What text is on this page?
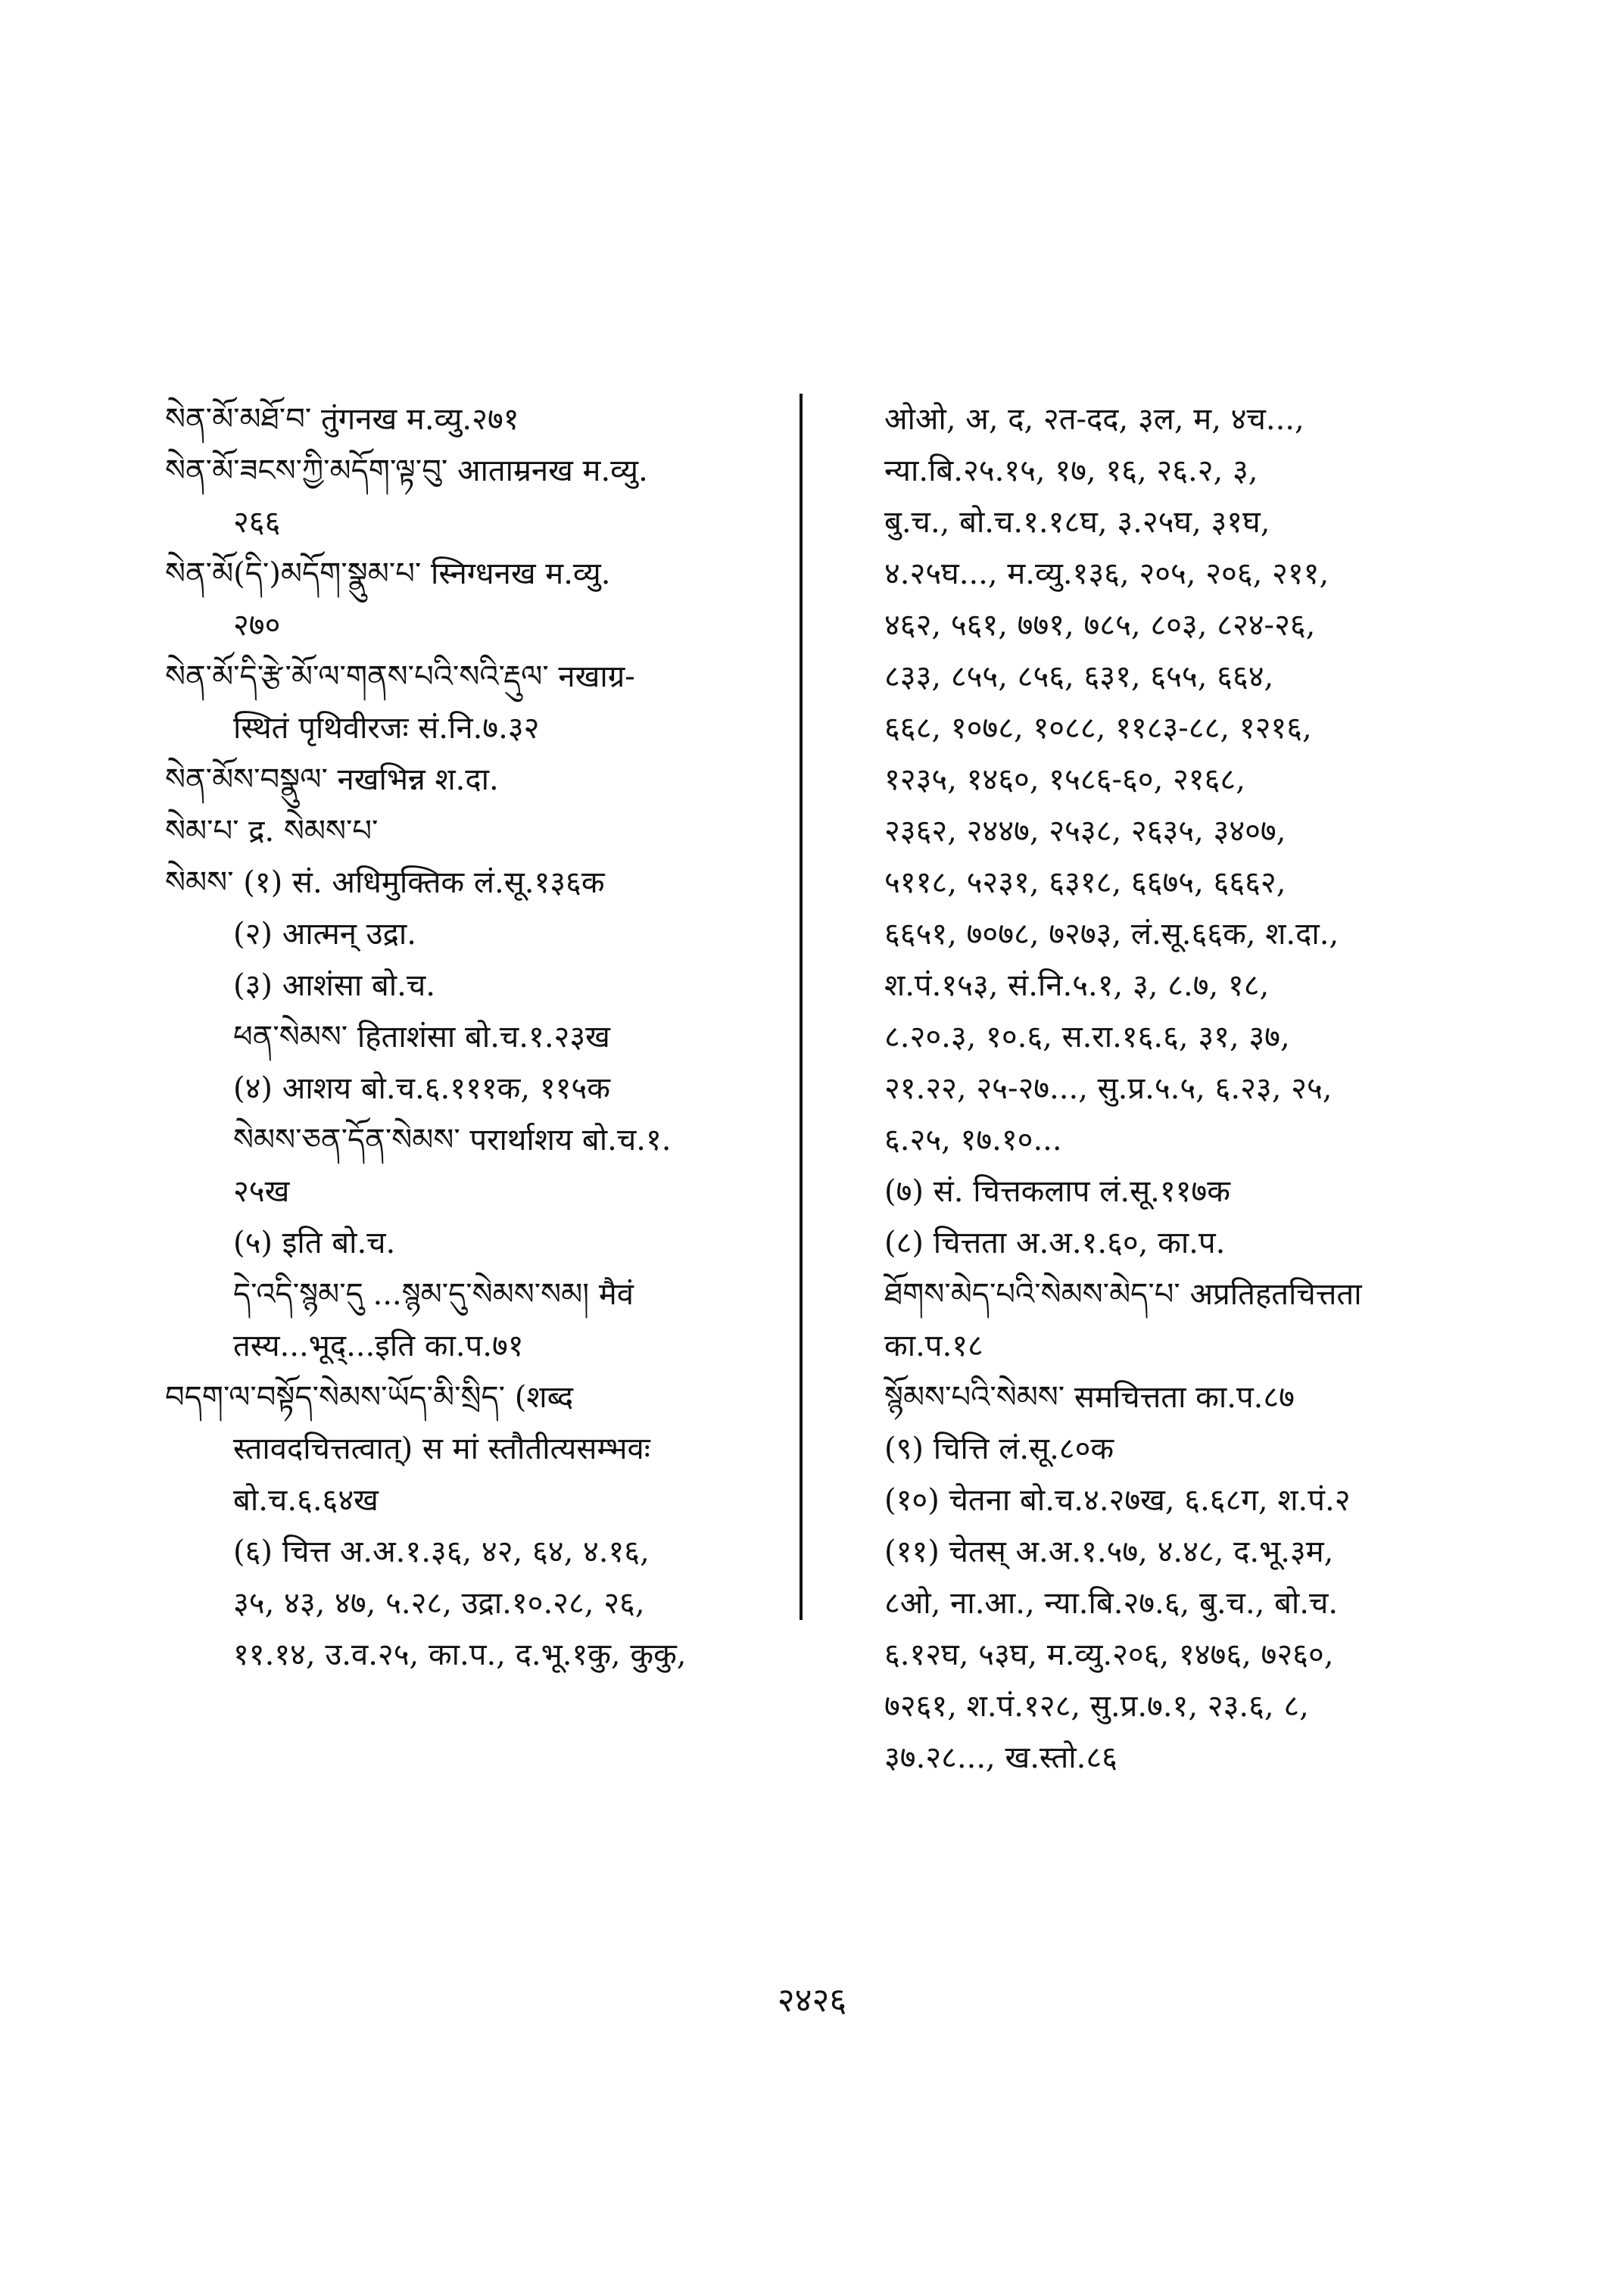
སེན་མོ་མཐོ་བ་ तुंगनख म.व्यु.२७१
སེན་མོ་ཟངས་ཀྱི་མདོག་ལྟ་བུ་ आताम्रनख म.व्यु.
२६६
སེན་མོ(དི་)མདོག་སྣུམ་པ་ स्निग्धनख म.व्यु.
२७०
སེན་མོ་དི་རྩེ་མོ་ལ་གནས་པའི་སའི་རྡུལ་ नखाग्र-
स्थितं पृथिवीरजः सं.नि.७.३२
སེན་མོས་བསྣུལ་ नखभिन्न श.दा.
སེམ་པ་ द्र. སེམས་པ་
སེམས་ (१) सं. अधिमुक्तिक लं.सू.१३६क
(२) आत्मन् उद्रा.
(३) आशंसा बो.च.
ཕན་སེམས་ हिताशंसा बो.च.१.२३ख
(४) आशय बो.च.६.१११क, ११५क
སེམས་ཅན་དོན་སེམས་ परार्थाशय बो.च.१.
२५ख
(५) इति बो.च.
དེ་འདི་སྙམ་དུ ...སྙམ་དུ་སེམས་སམ། मैवं
तस्य...भूद्...इति का.प.७१
བདག་ལ་བསྟོད་སེམས་ཡོད་མི་སྲིད་ (शब्द
स्तावदचित्तत्वात्) स मां स्तौतीत्यसम्भवः
बो.च.६.६४ख
(६) चित्त अ.अ.१.३६, ४२, ६४, ४.१६,
३५, ४३, ४७, ५.२८, उद्रा.१०.२८, २६,
११.१४, उ.व.२५, का.प., द.भू.१कु, कुकु,
ओओ, अ, द, २त-दद, ३ल, म, ४च...,
न्या.बि.२५.१५, १७, १६, २६.२, ३,
बु.च., बो.च.१.१८घ, ३.२५घ, ३१घ,
४.२५घ..., म.व्यु.१३६, २०५, २०६, २११,
४६२, ५६१, ७७१, ७८५, ८०३, ८२४-२६,
८३३, ८५५, ८५६, ६३१, ६५५, ६६४,
६६८, १०७८, १०८८, ११८३-८८, १२१६,
१२३५, १४६०, १५८६-६०, २१६८,
२३६२, २४४७, २५३८, २६३५, ३४०७,
५११८, ५२३१, ६३१८, ६६७५, ६६६२,
६६५१, ७०७८, ७२७३, लं.सू.६६क, श.दा.,
श.पं.१५३, सं.नि.५.१, ३, ८.७, १८,
८.२०.३, १०.६, स.रा.१६.६, ३१, ३७,
२१.२२, २५-२७..., सु.प्र.५.५, ६.२३, २५,
६.२५, १७.१०...
(७) सं. चित्तकलाप लं.सू.११७क
(८) चित्तता अ.अ.१.६०, का.प.
ཐོགས་མེད་པའི་སེམས་མེད་པ་ अप्रतिहतचित्तता
का.प.१८
སྙོམས་པའི་སེམས་ समचित्तता का.प.८७
(९) चित्ति लं.सू.८०क
(१०) चेतना बो.च.४.२७ख, ६.६८ग, श.पं.२
(११) चेतस् अ.अ.१.५७, ४.४८, द.भू.३म,
८ओ, ना.आ., न्या.बि.२७.६, बु.च., बो.च.
६.१२घ, ५३घ, म.व्यु.२०६, १४७६, ७२६०,
७२६१, श.पं.१२८, सु.प्र.७.१, २३.६, ८,
३७.२८..., ख.स्तो.८६
२४२६
